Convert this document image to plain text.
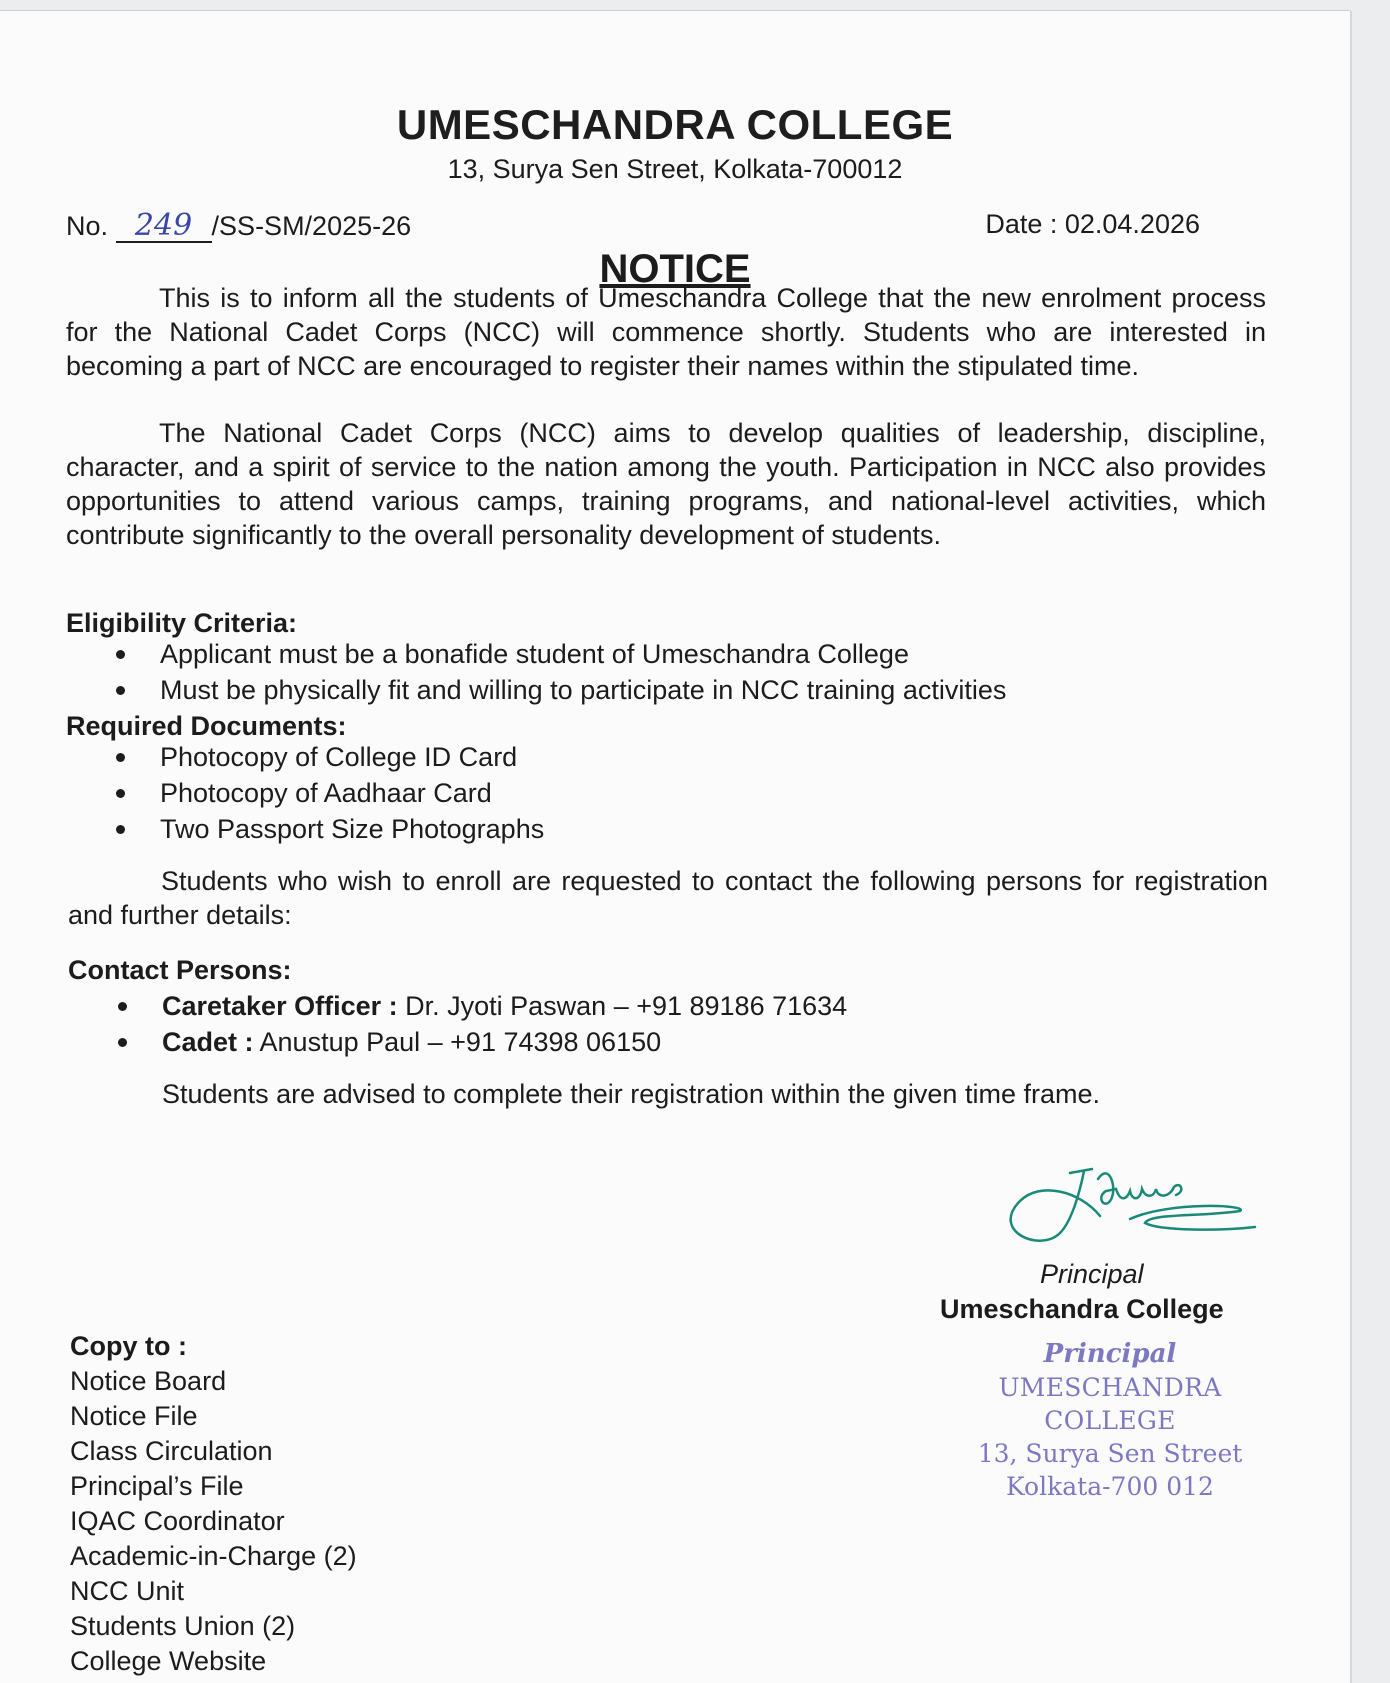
UMESCHANDRA COLLEGE
13, Surya Sen Street, Kolkata-700012
No. 249 /SS-SM/2025-26	Date : 02.04.2026
NOTICE
This is to inform all the students of Umeschandra College that the new enrolment process for the National Cadet Corps (NCC) will commence shortly. Students who are interested in becoming a part of NCC are encouraged to register their names within the stipulated time.
The National Cadet Corps (NCC) aims to develop qualities of leadership, discipline, character, and a spirit of service to the nation among the youth. Participation in NCC also provides opportunities to attend various camps, training programs, and national-level activities, which contribute significantly to the overall personality development of students.
Eligibility Criteria:
Applicant must be a bonafide student of Umeschandra College
Must be physically fit and willing to participate in NCC training activities
Required Documents:
Photocopy of College ID Card
Photocopy of Aadhaar Card
Two Passport Size Photographs
Students who wish to enroll are requested to contact the following persons for registration and further details:
Contact Persons:
Caretaker Officer : Dr. Jyoti Paswan – +91 89186 71634
Cadet : Anustup Paul – +91 74398 06150
Students are advised to complete their registration within the given time frame.
Principal
Umeschandra College
Principal
UMESCHANDRA COLLEGE
13, Surya Sen Street
Kolkata-700 012
Copy to :
Notice Board
Notice File
Class Circulation
Principal’s File
IQAC Coordinator
Academic-in-Charge (2)
NCC Unit
Students Union (2)
College Website
